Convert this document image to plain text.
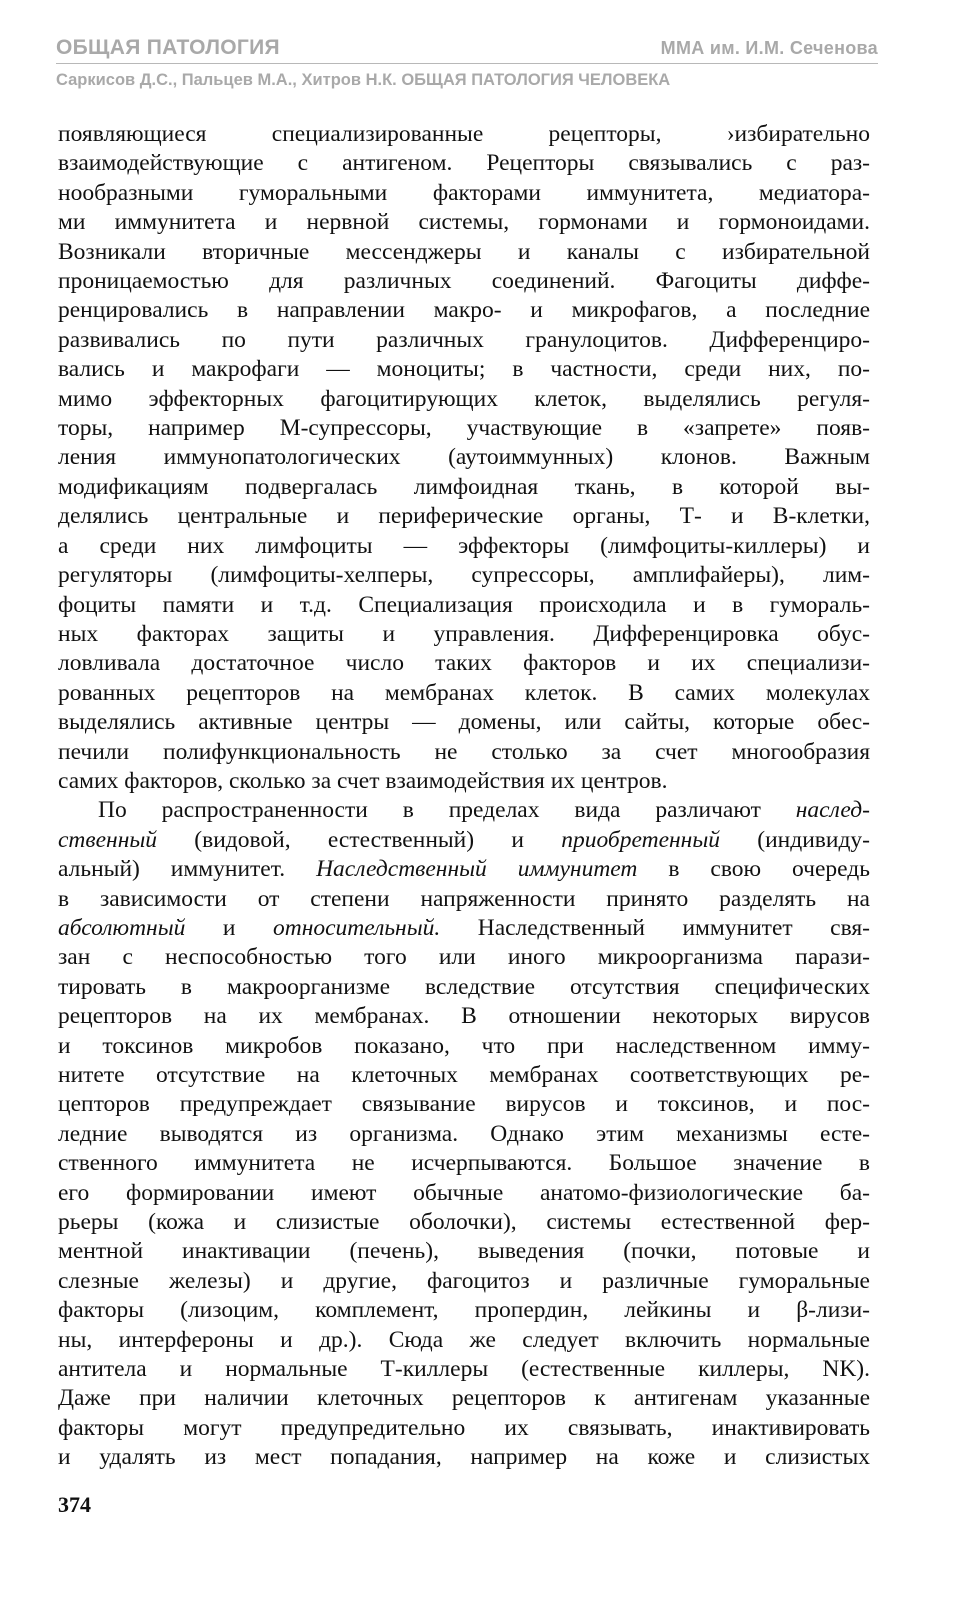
ОБЩАЯ ПАТОЛОГИЯ	ММА им. И.М. Сеченова
Саркисов Д.С., Пальцев М.А., Хитров Н.К. ОБЩАЯ ПАТОЛОГИЯ ЧЕЛОВЕКА

появляющиеся специализированные рецепторы, ›избирательно

взаимодействующие с антигеном. Рецепторы связывались с раз-

нообразными гуморальными факторами иммунитета, медиатора-

ми иммунитета и нервной системы, гормонами и гормоноидами.

Возникали вторичные мессенджеры и каналы с избирательной

проницаемостью для различных соединений. Фагоциты диффе-

ренцировались в направлении макро- и микрофагов, а последние

развивались по пути различных гранулоцитов. Дифференциро-

вались и макрофаги — моноциты; в частности, среди них, по-

мимо эффекторных фагоцитирующих клеток, выделялись регуля-

торы, например М-супрессоры, участвующие в «запрете» появ-

ления иммунопатологических (аутоиммунных) клонов. Важным

модификациям подвергалась лимфоидная ткань, в которой вы-

делялись центральные и периферические органы, Т- и В-клетки,

а среди них лимфоциты — эффекторы (лимфоциты-киллеры) и

регуляторы (лимфоциты-хелперы, супрессоры, амплифайеры), лим-

фоциты памяти и т.д. Специализация происходила и в гумораль-

ных факторах защиты и управления. Дифференцировка обус-

ловливала достаточное число таких факторов и их специализи-

рованных рецепторов на мембранах клеток. В самих молекулах

выделялись активные центры — домены, или сайты, которые обес-

печили полифункциональность не столько за счет многообразия

самих факторов, сколько за счет взаимодействия их центров.

По распространенности в пределах вида различают наслед-

ственный (видовой, естественный) и приобретенный (индивиду-

альный) иммунитет. Наследственный иммунитет в свою очередь

в зависимости от степени напряженности принято разделять на

абсолютный и относительный. Наследственный иммунитет свя-

зан с неспособностью того или иного микроорганизма парази-

тировать в макроорганизме вследствие отсутствия специфических

рецепторов на их мембранах. В отношении некоторых вирусов

и токсинов микробов показано, что при наследственном имму-

нитете отсутствие на клеточных мембранах соответствующих ре-

цепторов предупреждает связывание вирусов и токсинов, и пос-

ледние выводятся из организма. Однако этим механизмы есте-

ственного иммунитета не исчерпываются. Большое значение в

его формировании имеют обычные анатомо-физиологические ба-

рьеры (кожа и слизистые оболочки), системы естественной фер-

ментной инактивации (печень), выведения (почки, потовые и

слезные железы) и другие, фагоцитоз и различные гуморальные

факторы (лизоцим, комплемент, пропердин, лейкины и β-лизи-

ны, интерфероны и др.). Сюда же следует включить нормальные

антитела и нормальные Т-киллеры (естественные киллеры, NK).

Даже при наличии клеточных рецепторов к антигенам указанные

факторы могут предупредительно их связывать, инактивировать

и удалять из мест попадания, например на коже и слизистых

374
